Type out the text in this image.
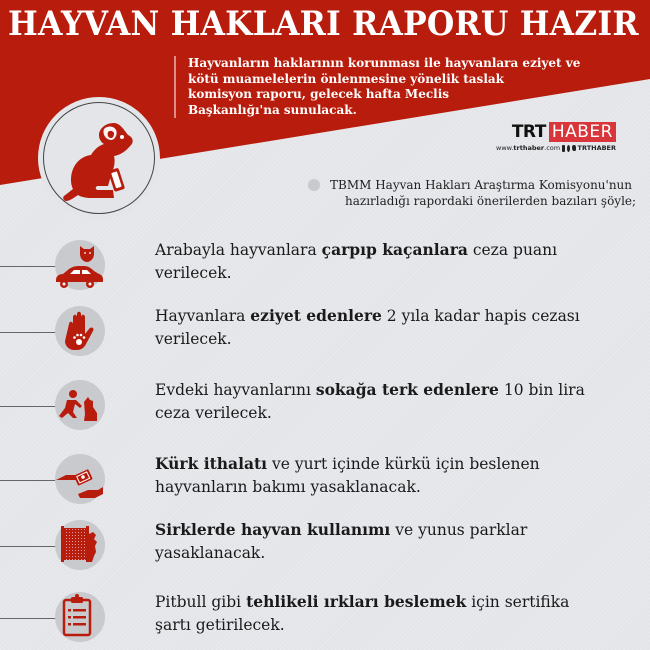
HAYVAN HAKLARI RAPORU HAZIR
Hayvanların haklarının korunması ile hayvanlara eziyet ve
kötü muamelelerin önlenmesine yönelik taslak
komisyon raporu, gelecek hafta Meclis
Başkanlığı'na sunulacak.
TRT HABER
www. trthaber .com	TRTHABER
TBMM Hayvan Hakları Araştırma Komisyonu'nun
hazırladığı rapordaki önerilerden bazıları şöyle;
Arabayla hayvanlara çarpıp kaçanlara ceza puanı
verilecek.
Hayvanlara eziyet edenlere 2 yıla kadar hapis cezası
verilecek.
Evdeki hayvanlarını sokağa terk edenlere 10 bin lira
ceza verilecek.
Kürk ithalatı ve yurt içinde kürkü için beslenen
hayvanların bakımı yasaklanacak.
Sirklerde hayvan kullanımı ve yunus parklar
yasaklanacak.
Pitbull gibi tehlikeli ırkları beslemek için sertifika
şartı getirilecek.
